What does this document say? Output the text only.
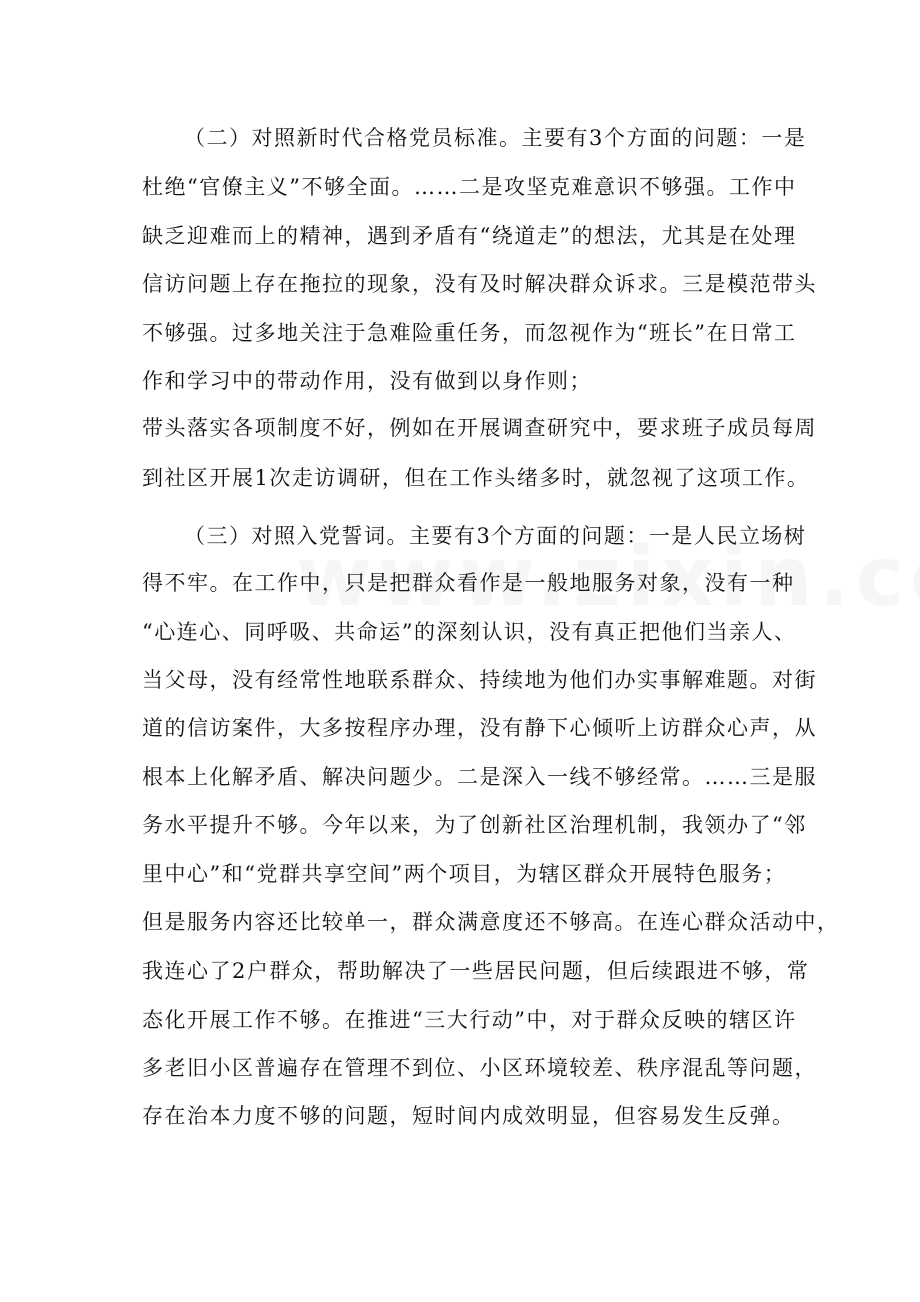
（二）对照新时代合格党员标准。主要有3个方面的问题：一是
杜绝“官僚主义”不够全面。……二是攻坚克难意识不够强。工作中
缺乏迎难而上的精神，遇到矛盾有“绕道走”的想法，尤其是在处理
信访问题上存在拖拉的现象，没有及时解决群众诉求。三是模范带头
不够强。过多地关注于急难险重任务，而忽视作为“班长”在日常工
作和学习中的带动作用，没有做到以身作则；
带头落实各项制度不好，例如在开展调查研究中，要求班子成员每周
到社区开展1次走访调研，但在工作头绪多时，就忽视了这项工作。
（三）对照入党誓词。主要有3个方面的问题：一是人民立场树
得不牢。在工作中，只是把群众看作是一般地服务对象，没有一种
“心连心、同呼吸、共命运”的深刻认识，没有真正把他们当亲人、
当父母，没有经常性地联系群众、持续地为他们办实事解难题。对街
道的信访案件，大多按程序办理，没有静下心倾听上访群众心声，从
根本上化解矛盾、解决问题少。二是深入一线不够经常。……三是服
务水平提升不够。今年以来，为了创新社区治理机制，我领办了“邻
里中心”和“党群共享空间”两个项目，为辖区群众开展特色服务；
但是服务内容还比较单一，群众满意度还不够高。在连心群众活动中，
我连心了2户群众，帮助解决了一些居民问题，但后续跟进不够，常
态化开展工作不够。在推进“三大行动”中，对于群众反映的辖区许
多老旧小区普遍存在管理不到位、小区环境较差、秩序混乱等问题，
存在治本力度不够的问题，短时间内成效明显，但容易发生反弹。
